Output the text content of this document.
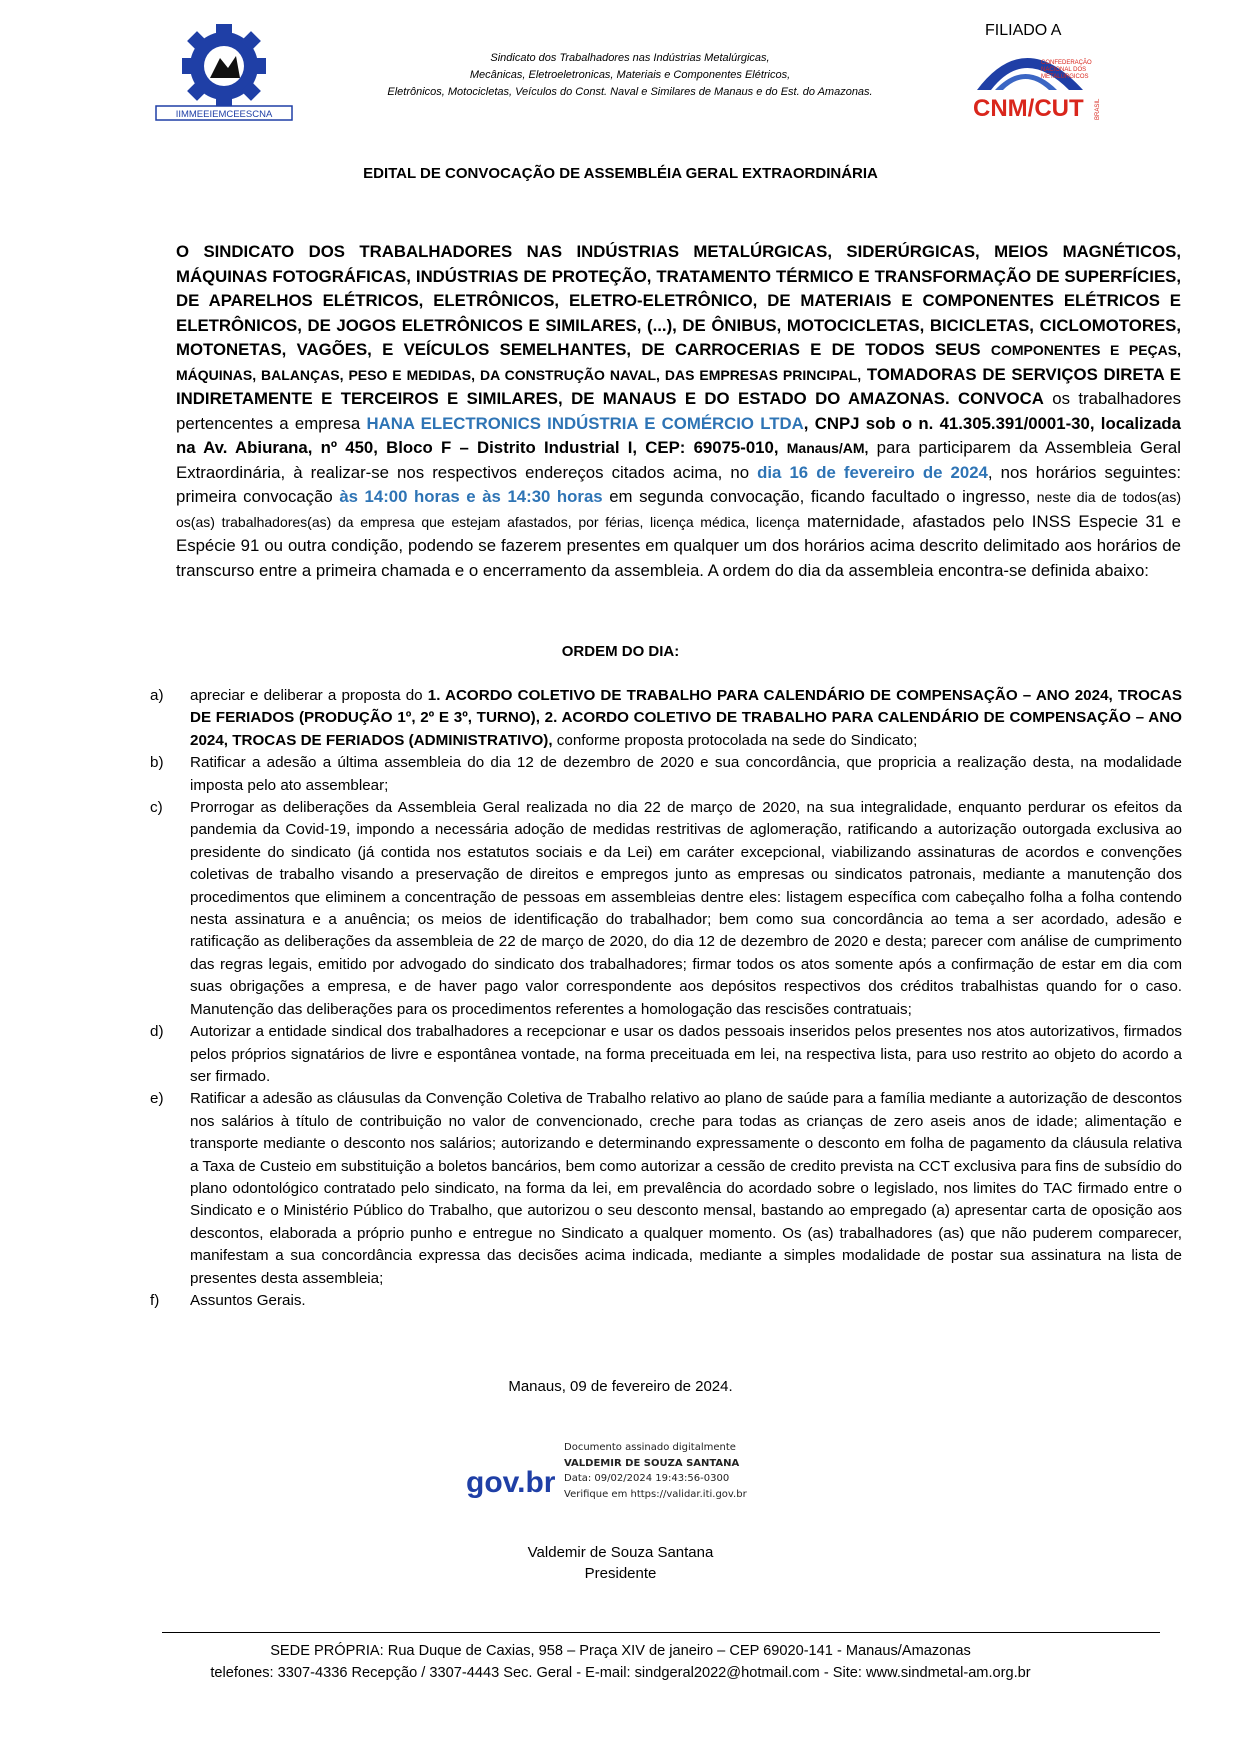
IIMMEEIEMCEESCNA
Sindicato dos Trabalhadores nas Indústrias Metalúrgicas,
Mecânicas, Eletroeletronicas, Materiais e Componentes Elétricos,
Eletrônicos, Motocicletas, Veículos do Const. Naval e Similares de Manaus e do Est. do Amazonas.
FILIADO A
CONFEDERAÇÃO
NACIONAL DOS
METALÚRGICOS
CNM/CUT BRASIL
EDITAL DE CONVOCAÇÃO DE ASSEMBLÉIA GERAL EXTRAORDINÁRIA
O SINDICATO DOS TRABALHADORES NAS INDÚSTRIAS METALÚRGICAS, SIDERÚRGICAS, MEIOS MAGNÉTICOS, MÁQUINAS FOTOGRÁFICAS, INDÚSTRIAS DE PROTEÇÃO, TRATAMENTO TÉRMICO E TRANSFORMAÇÃO DE SUPERFÍCIES, DE APARELHOS ELÉTRICOS, ELETRÔNICOS, ELETRO-ELETRÔNICO, DE MATERIAIS E COMPONENTES ELÉTRICOS E ELETRÔNICOS, DE JOGOS ELETRÔNICOS E SIMILARES, (...), DE ÔNIBUS, MOTOCICLETAS, BICICLETAS, CICLOMOTORES, MOTONETAS, VAGÕES, E VEÍCULOS SEMELHANTES, DE CARROCERIAS E DE TODOS SEUS COMPONENTES E PEÇAS, MÁQUINAS, BALANÇAS, PESO E MEDIDAS, DA CONSTRUÇÃO NAVAL, DAS EMPRESAS PRINCIPAL, TOMADORAS DE SERVIÇOS DIRETA E INDIRETAMENTE E TERCEIROS E SIMILARES, DE MANAUS E DO ESTADO DO AMAZONAS. CONVOCA os trabalhadores pertencentes a empresa HANA ELECTRONICS INDÚSTRIA E COMÉRCIO LTDA, CNPJ sob o n. 41.305.391/0001-30, localizada na Av. Abiurana, nº 450, Bloco F – Distrito Industrial I, CEP: 69075-010, Manaus/AM, para participarem da Assembleia Geral Extraordinária, à realizar-se nos respectivos endereços citados acima, no dia 16 de fevereiro de 2024, nos horários seguintes: primeira convocação às 14:00 horas e às 14:30 horas em segunda convocação, ficando facultado o ingresso, neste dia de todos(as) os(as) trabalhadores(as) da empresa que estejam afastados, por férias, licença médica, licença maternidade, afastados pelo INSS Especie 31 e Espécie 91 ou outra condição, podendo se fazerem presentes em qualquer um dos horários acima descrito delimitado aos horários de transcurso entre a primeira chamada e o encerramento da assembleia. A ordem do dia da assembleia encontra-se definida abaixo:
ORDEM DO DIA:
a) apreciar e deliberar a proposta do 1. ACORDO COLETIVO DE TRABALHO PARA CALENDÁRIO DE COMPENSAÇÃO – ANO 2024, TROCAS DE FERIADOS (PRODUÇÃO 1º, 2º E 3º, TURNO), 2. ACORDO COLETIVO DE TRABALHO PARA CALENDÁRIO DE COMPENSAÇÃO – ANO 2024, TROCAS DE FERIADOS (ADMINISTRATIVO), conforme proposta protocolada na sede do Sindicato;
b) Ratificar a adesão a última assembleia do dia 12 de dezembro de 2020 e sua concordância, que propricia a realização desta, na modalidade imposta pelo ato assemblear;
c) Prorrogar as deliberações da Assembleia Geral realizada no dia 22 de março de 2020, na sua integralidade, enquanto perdurar os efeitos da pandemia da Covid-19, impondo a necessária adoção de medidas restritivas de aglomeração, ratificando a autorização outorgada exclusiva ao presidente do sindicato (já contida nos estatutos sociais e da Lei) em caráter excepcional, viabilizando assinaturas de acordos e convenções coletivas de trabalho visando a preservação de direitos e empregos junto as empresas ou sindicatos patronais, mediante a manutenção dos procedimentos que eliminem a concentração de pessoas em assembleias dentre eles: listagem específica com cabeçalho folha a folha contendo nesta assinatura e a anuência; os meios de identificação do trabalhador; bem como sua concordância ao tema a ser acordado, adesão e ratificação as deliberações da assembleia de 22 de março de 2020, do dia 12 de dezembro de 2020 e desta; parecer com análise de cumprimento das regras legais, emitido por advogado do sindicato dos trabalhadores; firmar todos os atos somente após a confirmação de estar em dia com suas obrigações a empresa, e de haver pago valor correspondente aos depósitos respectivos dos créditos trabalhistas quando for o caso. Manutenção das deliberações para os procedimentos referentes a homologação das rescisões contratuais;
d) Autorizar a entidade sindical dos trabalhadores a recepcionar e usar os dados pessoais inseridos pelos presentes nos atos autorizativos, firmados pelos próprios signatários de livre e espontânea vontade, na forma preceituada em lei, na respectiva lista, para uso restrito ao objeto do acordo a ser firmado.
e) Ratificar a adesão as cláusulas da Convenção Coletiva de Trabalho relativo ao plano de saúde para a família mediante a autorização de descontos nos salários à título de contribuição no valor de convencionado, creche para todas as crianças de zero aseis anos de idade; alimentação e transporte mediante o desconto nos salários; autorizando e determinando expressamente o desconto em folha de pagamento da cláusula relativa a Taxa de Custeio em substituição a boletos bancários, bem como autorizar a cessão de credito prevista na CCT exclusiva para fins de subsídio do plano odontológico contratado pelo sindicato, na forma da lei, em prevalência do acordado sobre o legislado, nos limites do TAC firmado entre o Sindicato e o Ministério Público do Trabalho, que autorizou o seu desconto mensal, bastando ao empregado (a) apresentar carta de oposição aos descontos, elaborada a próprio punho e entregue no Sindicato a qualquer momento. Os (as) trabalhadores (as) que não puderem comparecer, manifestam a sua concordância expressa das decisões acima indicada, mediante a simples modalidade de postar sua assinatura na lista de presentes desta assembleia;
f) Assuntos Gerais.
Manaus, 09 de fevereiro de 2024.
gov.br
Documento assinado digitalmente
VALDEMIR DE SOUZA SANTANA
Data: 09/02/2024 19:43:56-0300
Verifique em https://validar.iti.gov.br
Valdemir de Souza Santana
Presidente
SEDE PRÓPRIA: Rua Duque de Caxias, 958 – Praça XIV de janeiro – CEP 69020-141 - Manaus/Amazonas
telefones: 3307-4336 Recepção / 3307-4443 Sec. Geral - E-mail: sindgeral2022@hotmail.com - Site: www.sindmetal-am.org.br
